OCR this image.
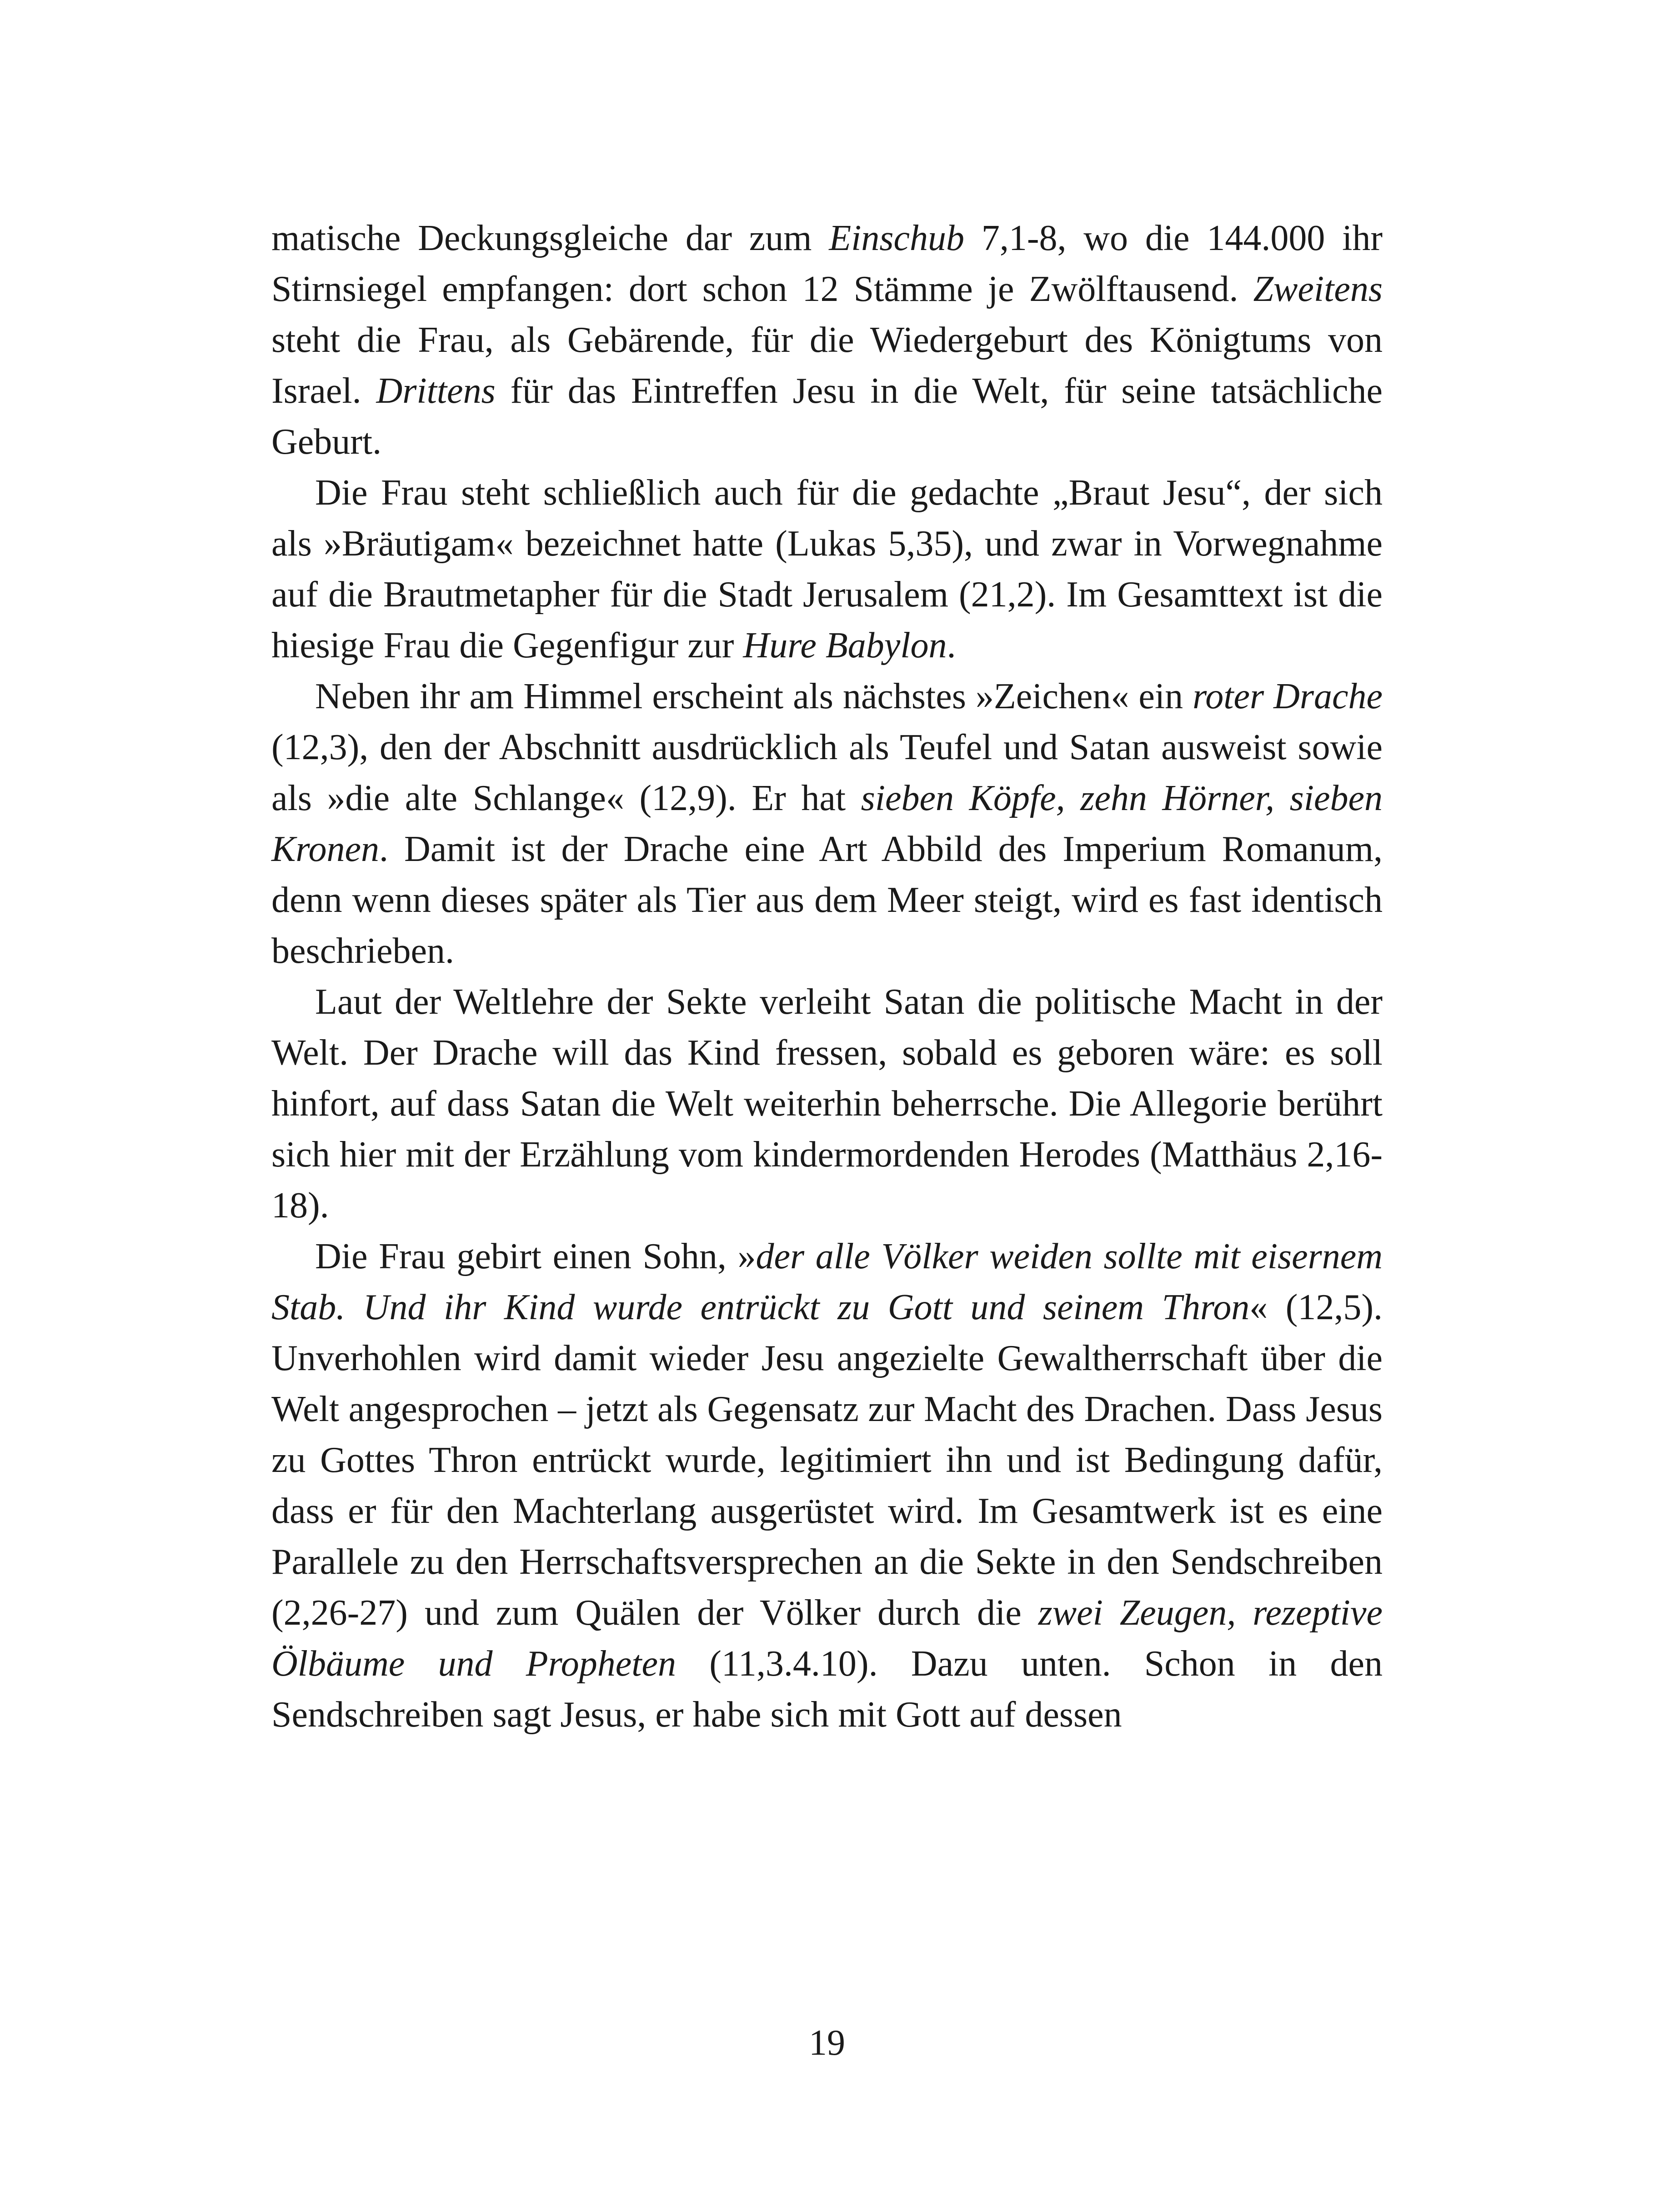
matische Deckungsgleiche dar zum Einschub 7,1-8, wo die 144.000 ihr Stirnsiegel empfangen: dort schon 12 Stämme je Zwölftausend. Zweitens steht die Frau, als Gebärende, für die Wiedergeburt des Königtums von Israel. Drittens für das Eintreffen Jesu in die Welt, für seine tatsächliche Geburt.

Die Frau steht schließlich auch für die gedachte „Braut Jesu“, der sich als »Bräutigam« bezeichnet hatte (Lukas 5,35), und zwar in Vorwegnahme auf die Brautmetapher für die Stadt Jerusalem (21,2). Im Gesamttext ist die hiesige Frau die Gegenfigur zur Hure Babylon.

Neben ihr am Himmel erscheint als nächstes »Zeichen« ein roter Drache (12,3), den der Abschnitt ausdrücklich als Teufel und Satan ausweist sowie als »die alte Schlange« (12,9). Er hat sieben Köpfe, zehn Hörner, sieben Kronen. Damit ist der Drache eine Art Abbild des Imperium Romanum, denn wenn dieses später als Tier aus dem Meer steigt, wird es fast identisch beschrieben.

Laut der Weltlehre der Sekte verleiht Satan die politische Macht in der Welt. Der Drache will das Kind fressen, sobald es geboren wäre: es soll hinfort, auf dass Satan die Welt weiterhin beherrsche. Die Allegorie berührt sich hier mit der Erzählung vom kindermordenden Herodes (Matthäus 2,16-18).

Die Frau gebirt einen Sohn, »der alle Völker weiden sollte mit eisernem Stab. Und ihr Kind wurde entrückt zu Gott und seinem Thron« (12,5). Unverhohlen wird damit wieder Jesu angezielte Gewaltherrschaft über die Welt angesprochen – jetzt als Gegensatz zur Macht des Drachen. Dass Jesus zu Gottes Thron entrückt wurde, legitimiert ihn und ist Bedingung dafür, dass er für den Machterlang ausgerüstet wird. Im Gesamtwerk ist es eine Parallele zu den Herrschaftsversprechen an die Sekte in den Sendschreiben (2,26-27) und zum Quälen der Völker durch die zwei Zeugen, rezeptive Ölbäume und Propheten (11,3.4.10). Dazu unten. Schon in den Sendschreiben sagt Jesus, er habe sich mit Gott auf dessen

19
